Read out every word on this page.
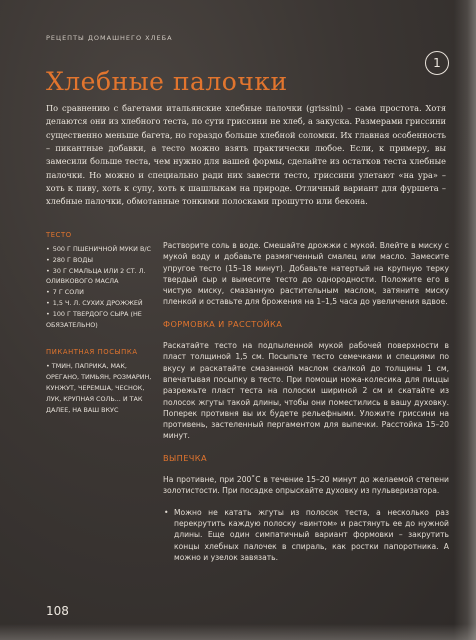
РЕЦЕПТЫ ДОМАШНЕГО ХЛЕБА
Хлебные палочки
1

По сравнению с багетами итальянские хлебные палочки (grissini) – сама простота. Хотя делаются они из хлебного теста, по сути гриссини не хлеб, а закуска. Размерами гриссини существенно меньше багета, но гораздо больше хлебной соломки. Их главная особенность – пикантные добавки, а тесто можно взять практически любое. Если, к примеру, вы замесили больше теста, чем нужно для вашей формы, сделайте из остатков теста хлебные палочки. Но можно и специально ради них завести тесто, гриссини улетают «на ура» – хоть к пиву, хоть к супу, хоть к шашлыкам на природе. Отличный вариант для фуршета – хлебные палочки, обмотанные тонкими полосками прошутто или бекона.

ТЕСТО
• 500 Г ПШЕНИЧНОЙ МУКИ В/С
• 280 Г ВОДЫ
• 30 Г СМАЛЬЦА ИЛИ 2 СТ. Л. ОЛИВКОВОГО МАСЛА
• 7 Г СОЛИ
• 1,5 Ч. Л. СУХИХ ДРОЖЖЕЙ
• 100 Г ТВЕРДОГО СЫРА (НЕ ОБЯЗАТЕЛЬНО)
ПИКАНТНАЯ ПОСЫПКА

• ТМИН, ПАПРИКА, МАК, ОРЕГАНО, ТИМЬЯН, РОЗМАРИН, КУНЖУТ, ЧЕРЕМША, ЧЕСНОК, ЛУК, КРУПНАЯ СОЛЬ... И ТАК ДАЛЕЕ, НА ВАШ ВКУС

Растворите соль в воде. Смешайте дрожжи с мукой. Влейте в миску с мукой воду и добавьте размягченный смалец или масло. Замесите упругое тесто (15–18 минут). Добавьте натертый на крупную терку твердый сыр и вымесите тесто до однородности. Положите его в чистую миску, смазанную растительным маслом, затяните миску пленкой и оставьте для брожения на 1–1,5 часа до увеличения вдвое.

ФОРМОВКА И РАССТОЙКА

Раскатайте тесто на подпыленной мукой рабочей поверхности в пласт толщиной 1,5 см. Посыпьте тесто семечками и специями по вкусу и раскатайте смазанной маслом скалкой до толщины 1 см, впечатывая посыпку в тесто. При помощи ножа-колесика для пиццы разрежьте пласт теста на полоски шириной 2 см и скатайте из полосок жгуты такой длины, чтобы они поместились в вашу духовку. Поперек противня вы их будете рельефными. Уложите гриссини на противень, застеленный пергаментом для выпечки. Расстойка 15–20 минут.

ВЫПЕЧКА

На противне, при 200˚C в течение 15–20 минут до желаемой степени золотистости. При посадке опрыскайте духовку из пульверизатора.

• Можно не катать жгуты из полосок теста, а несколько раз перекрутить каждую полоску «винтом» и растянуть ее до нужной длины. Еще один симпатичный вариант формовки – закрутить концы хлебных палочек в спираль, как ростки папоротника. А можно и узелок завязать.

108
